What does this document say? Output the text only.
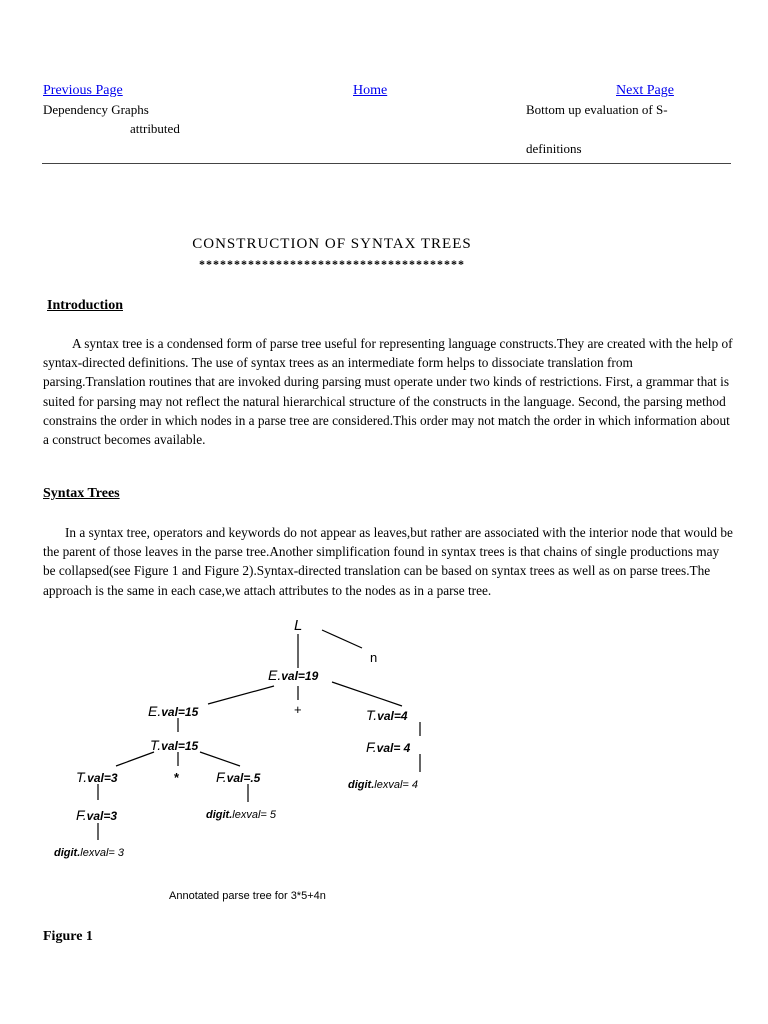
Previous Page	Home	Next Page
Dependency Graphs
attributed
Bottom up evaluation of S-
definitions
CONSTRUCTION OF SYNTAX TREES
**************************************
Introduction

A syntax tree is a condensed form of parse tree useful for representing language constructs.They are created with the help of syntax-directed definitions. The use of syntax trees as an intermediate form helps to dissociate translation from parsing.Translation routines that are invoked during parsing must operate under two kinds of restrictions. First, a grammar that is suited for parsing may not reflect the natural hierarchical structure of the constructs in the language. Second, the parsing method constrains the order in which nodes in a parse tree are considered.This order may not match the order in which information about a construct becomes available.

Syntax Trees

In a syntax tree, operators and keywords do not appear as leaves,but rather are associated with the interior node that would be the parent of those leaves in the parse tree.Another simplification found in syntax trees is that chains of single productions may be collapsed(see Figure 1 and Figure 2).Syntax-directed translation can be based on syntax trees as well as on parse trees.The approach is the same in each case,we attach attributes to the nodes as in a parse tree.

L
n
E.val=19
+
E.val=15	T.val=4
T.val=15	F.val= 4
digit.lexval= 4
T.val=3	*	F.val=.5
F.val=3	digit.lexval= 5
digit.lexval= 3
Annotated parse tree for 3*5+4n
Figure 1
